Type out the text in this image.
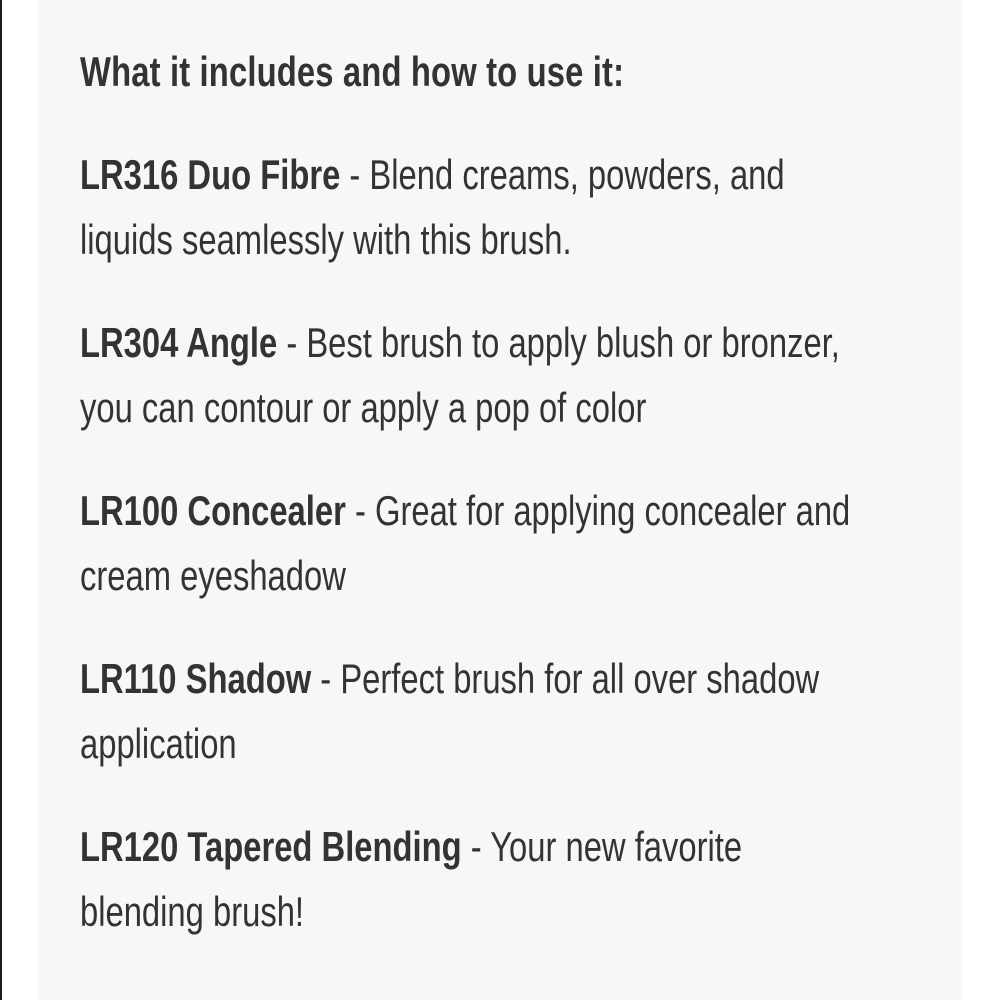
What it includes and how to use it:

LR316 Duo Fibre - Blend creams, powders, and liquids seamlessly with this brush.

LR304 Angle - Best brush to apply blush or bronzer, you can contour or apply a pop of color

LR100 Concealer - Great for applying concealer and cream eyeshadow

LR110 Shadow - Perfect brush for all over shadow application

LR120 Tapered Blending - Your new favorite blending brush!
